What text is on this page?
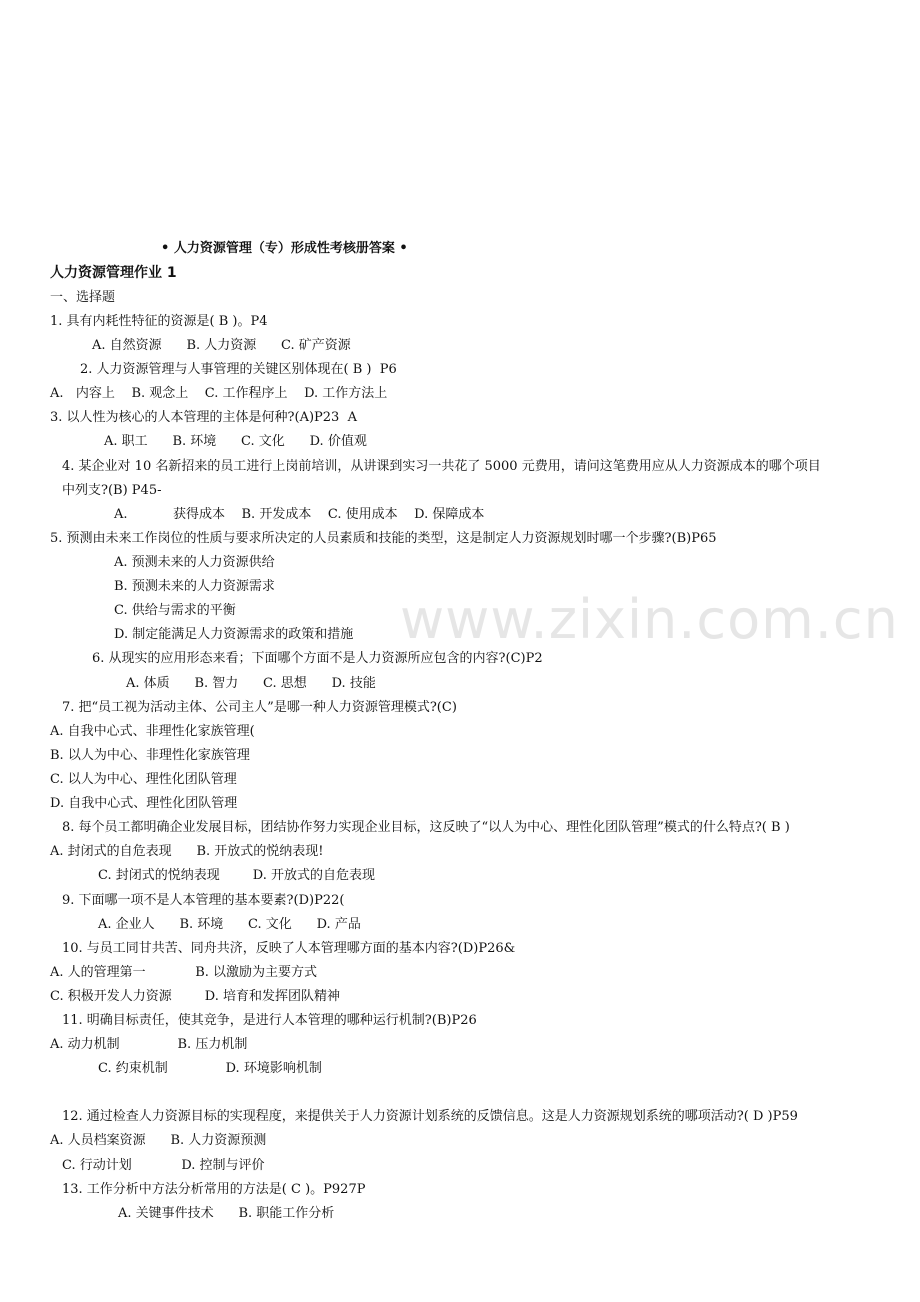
www.zixin.com.cn
• 人力资源管理（专）形成性考核册答案 •
人力资源管理作业 1
一、选择题
1. 具有内耗性特征的资源是( B )。P4
A. 自然资源      B. 人力资源      C. 矿产资源
2. 人力资源管理与人事管理的关键区别体现在( B )  P6
A.   内容上    B. 观念上    C. 工作程序上    D. 工作方法上
3. 以人性为核心的人本管理的主体是何种?(A)P23  A
A. 职工      B. 环境      C. 文化      D. 价值观
4. 某企业对 10 名新招来的员工进行上岗前培训，从讲课到实习一共花了 5000 元费用，请问这笔费用应从人力资源成本的哪个项目
中列支?(B) P45-
A.           获得成本    B. 开发成本    C. 使用成本    D. 保障成本
5. 预测由未来工作岗位的性质与要求所决定的人员素质和技能的类型，这是制定人力资源规划时哪一个步骤?(B)P65
A. 预测未来的人力资源供给
B. 预测未来的人力资源需求
C. 供给与需求的平衡
D. 制定能满足人力资源需求的政策和措施
6. 从现实的应用形态来看；下面哪个方面不是人力资源所应包含的内容?(C)P2
A. 体质      B. 智力      C. 思想      D. 技能
7. 把“员工视为活动主体、公司主人”是哪一种人力资源管理模式?(C)
A. 自我中心式、非理性化家族管理(
B. 以人为中心、非理性化家族管理
C. 以人为中心、理性化团队管理
D. 自我中心式、理性化团队管理
8. 每个员工都明确企业发展目标，团结协作努力实现企业目标，这反映了“以人为中心、理性化团队管理”模式的什么特点?( B )
A. 封闭式的自危表现      B. 开放式的悦纳表现!
C. 封闭式的悦纳表现        D. 开放式的自危表现
9. 下面哪一项不是人本管理的基本要素?(D)P22(
A. 企业人      B. 环境      C. 文化      D. 产品
10. 与员工同甘共苦、同舟共济，反映了人本管理哪方面的基本内容?(D)P26&
A. 人的管理第一            B. 以激励为主要方式
C. 积极开发人力资源        D. 培育和发挥团队精神
11. 明确目标责任，使其竞争，是进行人本管理的哪种运行机制?(B)P26
A. 动力机制              B. 压力机制
C. 约束机制              D. 环境影响机制
12. 通过检查人力资源目标的实现程度，来提供关于人力资源计划系统的反馈信息。这是人力资源规划系统的哪项活动?( D )P59
A. 人员档案资源      B. 人力资源预测
C. 行动计划            D. 控制与评价
13. 工作分析中方法分析常用的方法是( C )。P927P
A. 关键事件技术      B. 职能工作分析
